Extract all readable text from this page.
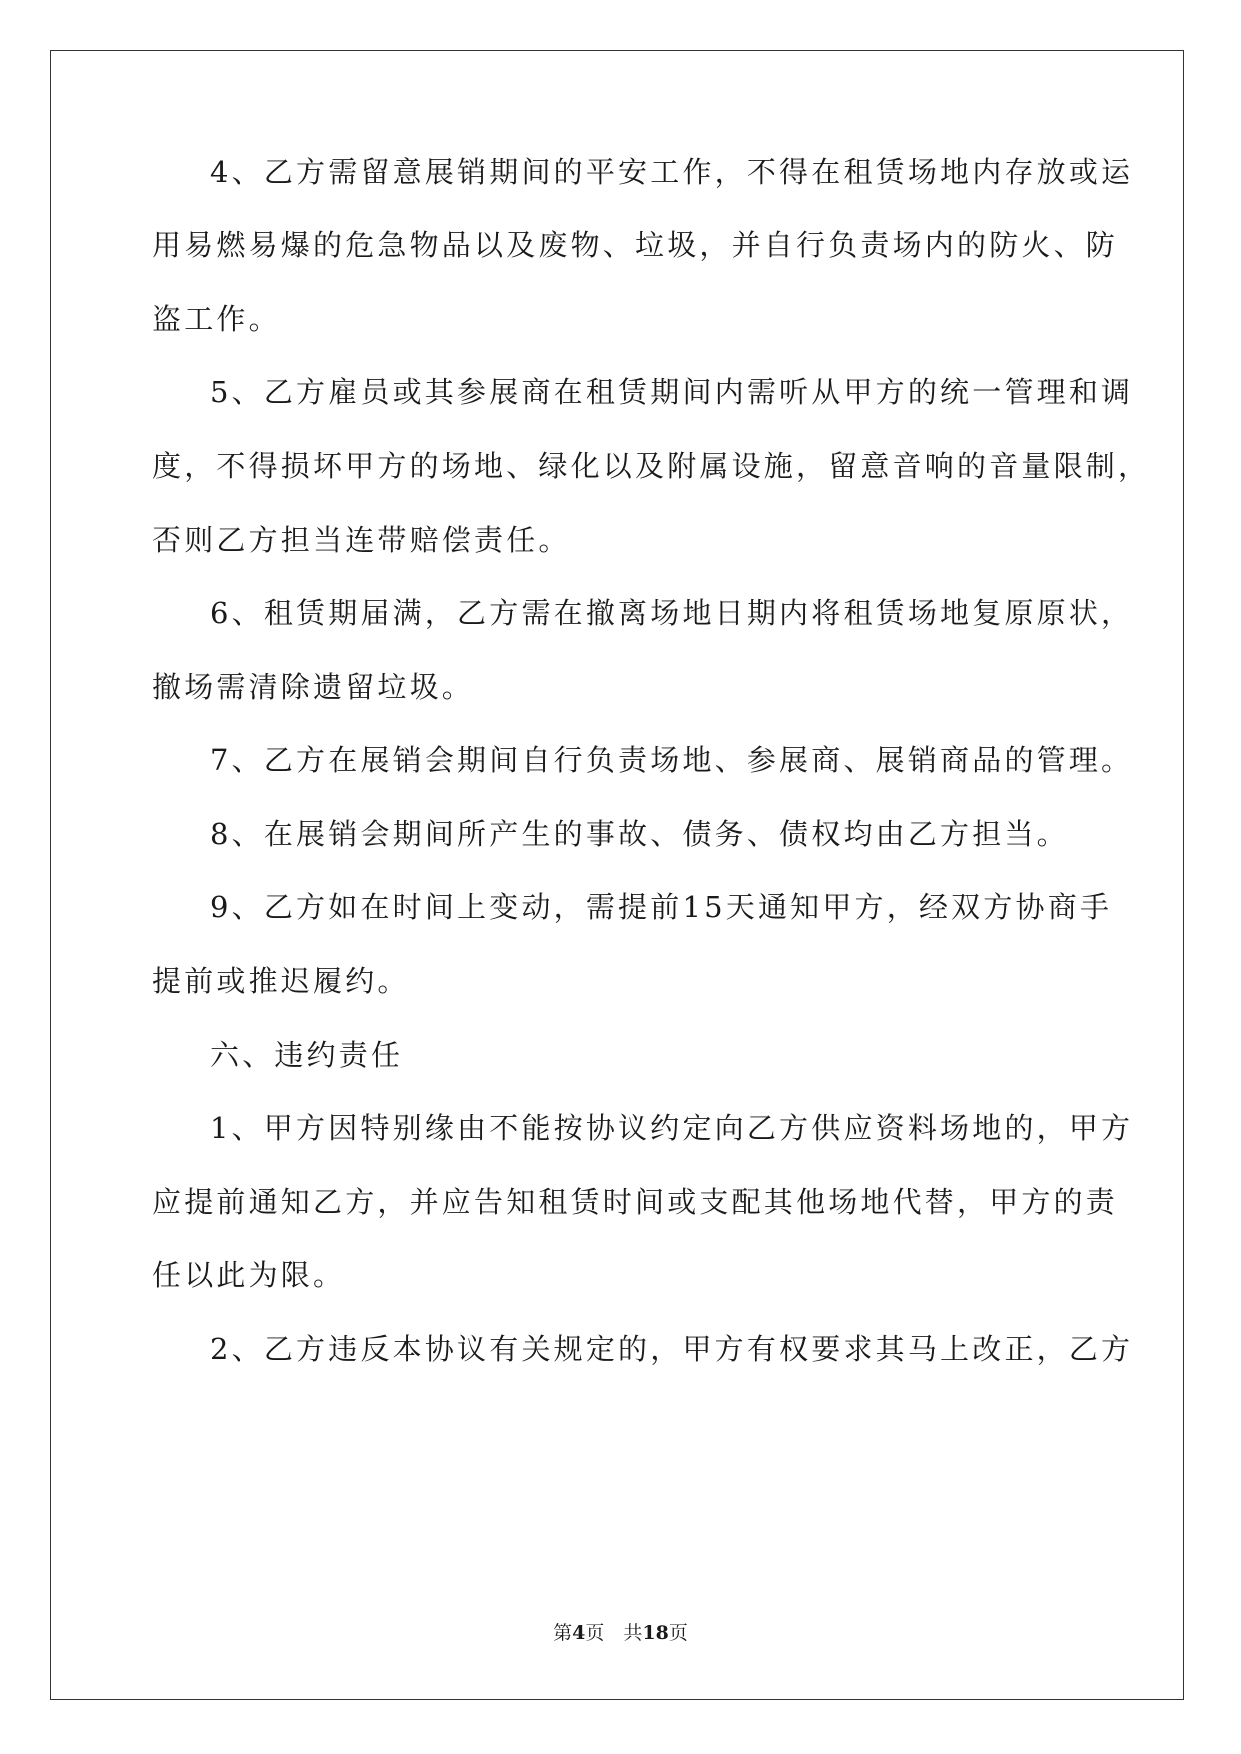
4、乙方需留意展销期间的平安工作，不得在租赁场地内存放或运
用易燃易爆的危急物品以及废物、垃圾，并自行负责场内的防火、防
盗工作。
5、乙方雇员或其参展商在租赁期间内需听从甲方的统一管理和调
度，不得损坏甲方的场地、绿化以及附属设施，留意音响的音量限制，
否则乙方担当连带赔偿责任。
6、租赁期届满，乙方需在撤离场地日期内将租赁场地复原原状，
撤场需清除遗留垃圾。
7、乙方在展销会期间自行负责场地、参展商、展销商品的管理。
8、在展销会期间所产生的事故、债务、债权均由乙方担当。
9、乙方如在时间上变动，需提前15天通知甲方，经双方协商手
提前或推迟履约。
六、违约责任
1、甲方因特别缘由不能按协议约定向乙方供应资料场地的，甲方
应提前通知乙方，并应告知租赁时间或支配其他场地代替，甲方的责
任以此为限。
2、乙方违反本协议有关规定的，甲方有权要求其马上改正，乙方
第4页　共18页
